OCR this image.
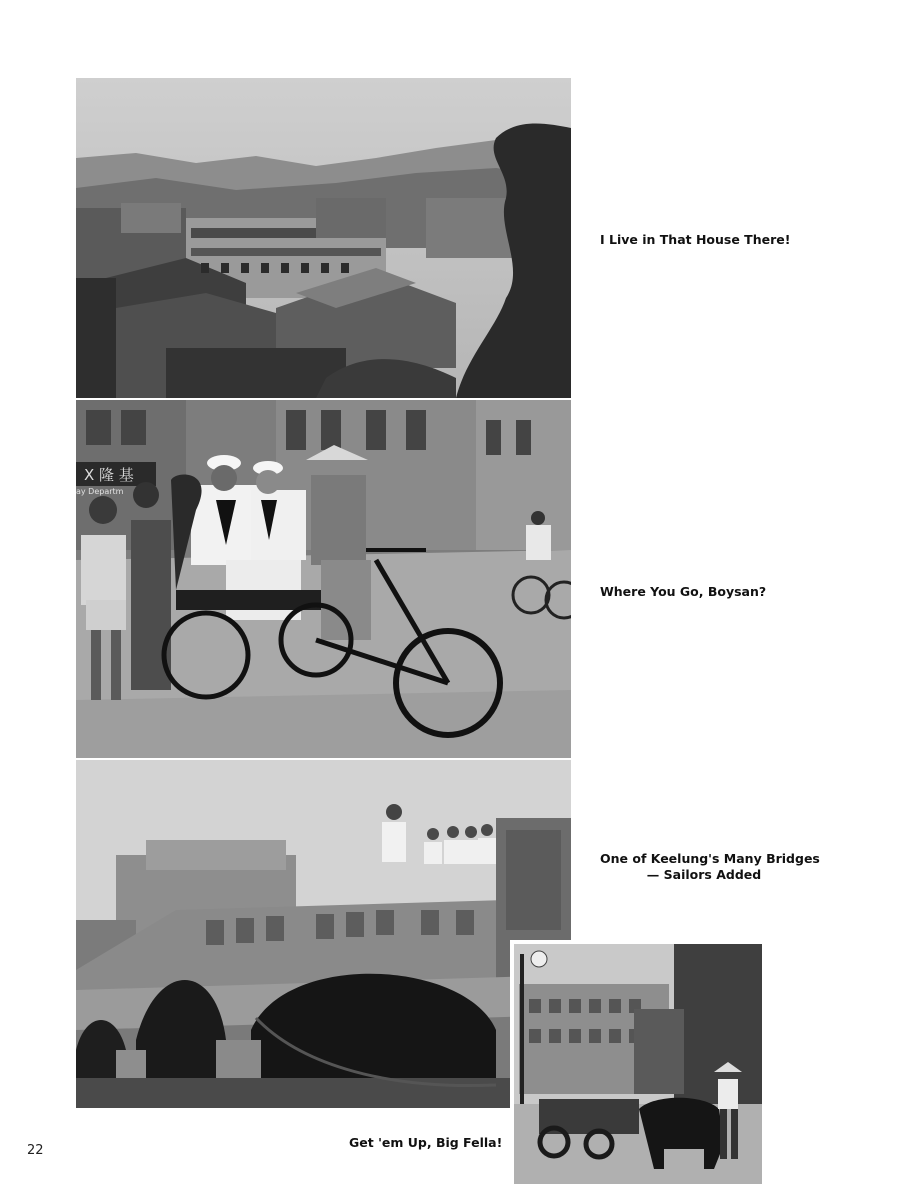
X 隆 基
ay Departm
I Live in That House There!
Where You Go, Boysan?
One of Keelung's Many Bridges
— Sailors Added
Get 'em Up, Big Fella!
22
